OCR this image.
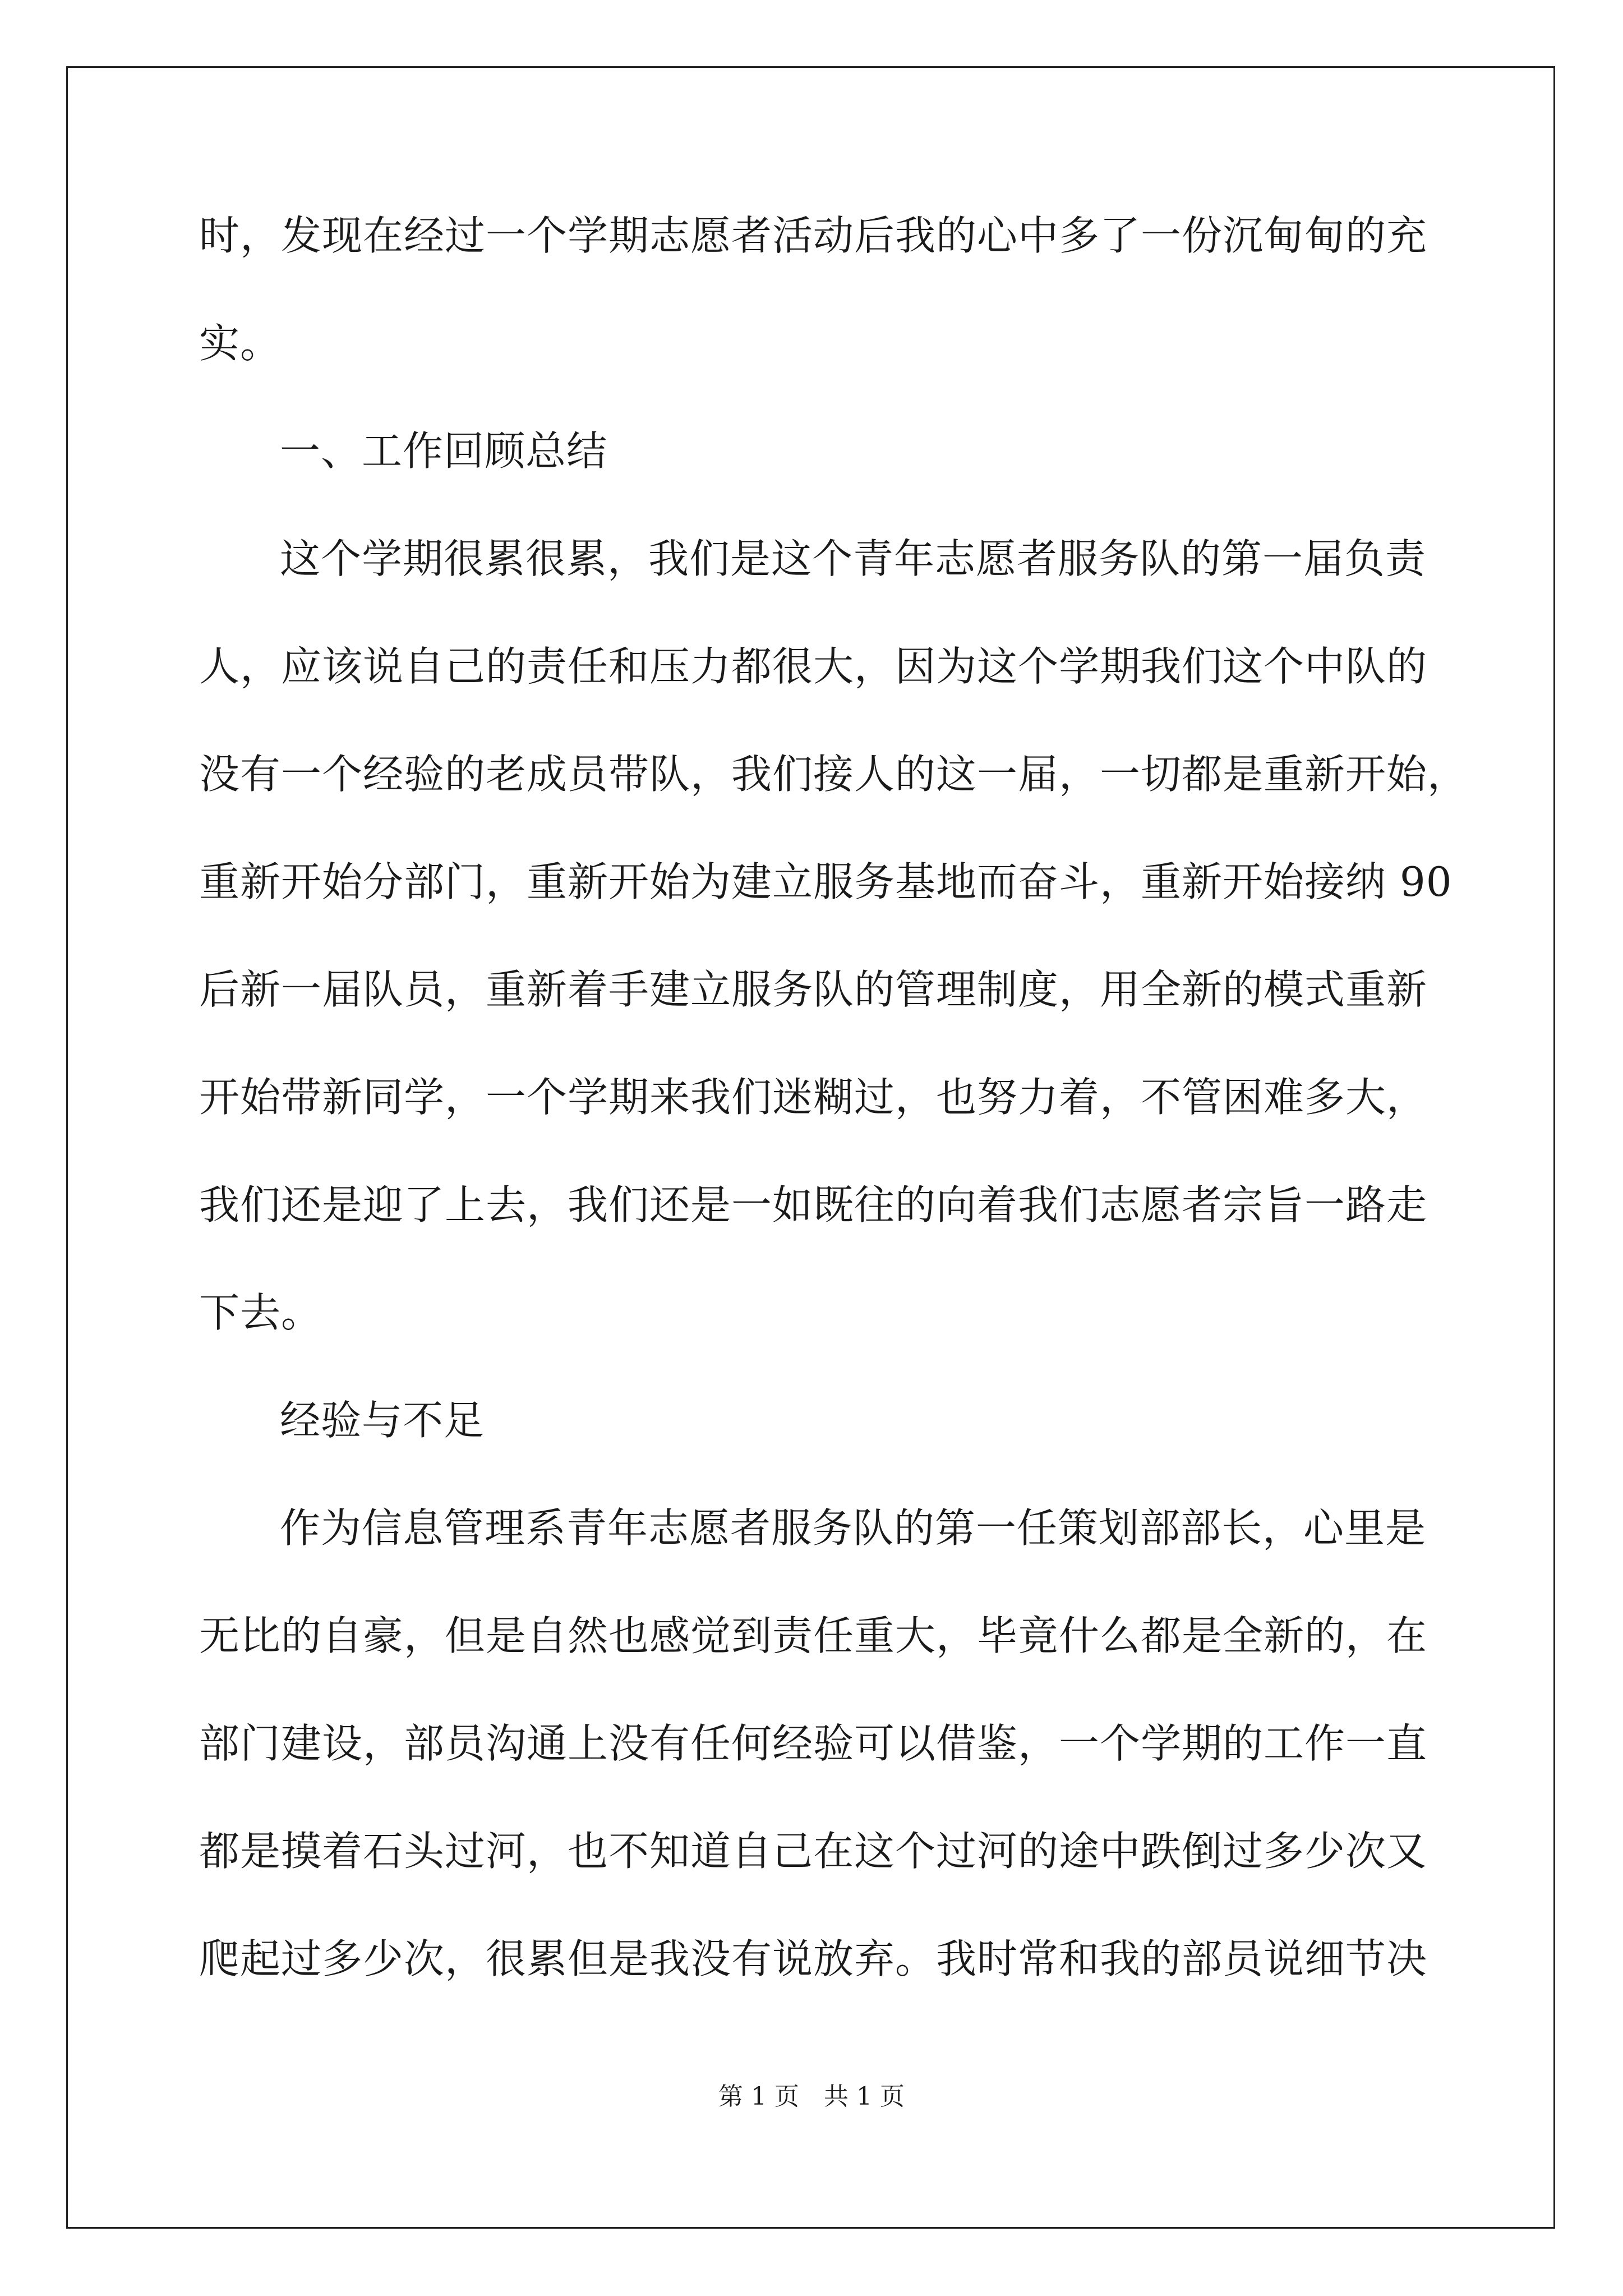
时，发现在经过一个学期志愿者活动后我的心中多了一份沉甸甸的充
实。
一、工作回顾总结
这个学期很累很累，我们是这个青年志愿者服务队的第一届负责
人，应该说自己的责任和压力都很大，因为这个学期我们这个中队的
没有一个经验的老成员带队，我们接人的这一届，一切都是重新开始，
重新开始分部门，重新开始为建立服务基地而奋斗，重新开始接纳 90
后新一届队员，重新着手建立服务队的管理制度，用全新的模式重新
开始带新同学，一个学期来我们迷糊过，也努力着，不管困难多大，
我们还是迎了上去，我们还是一如既往的向着我们志愿者宗旨一路走
下去。
经验与不足
作为信息管理系青年志愿者服务队的第一任策划部部长，心里是
无比的自豪，但是自然也感觉到责任重大，毕竟什么都是全新的，在
部门建设，部员沟通上没有任何经验可以借鉴，一个学期的工作一直
都是摸着石头过河，也不知道自己在这个过河的途中跌倒过多少次又
爬起过多少次，很累但是我没有说放弃。我时常和我的部员说细节决
第 1 页　共 1 页
